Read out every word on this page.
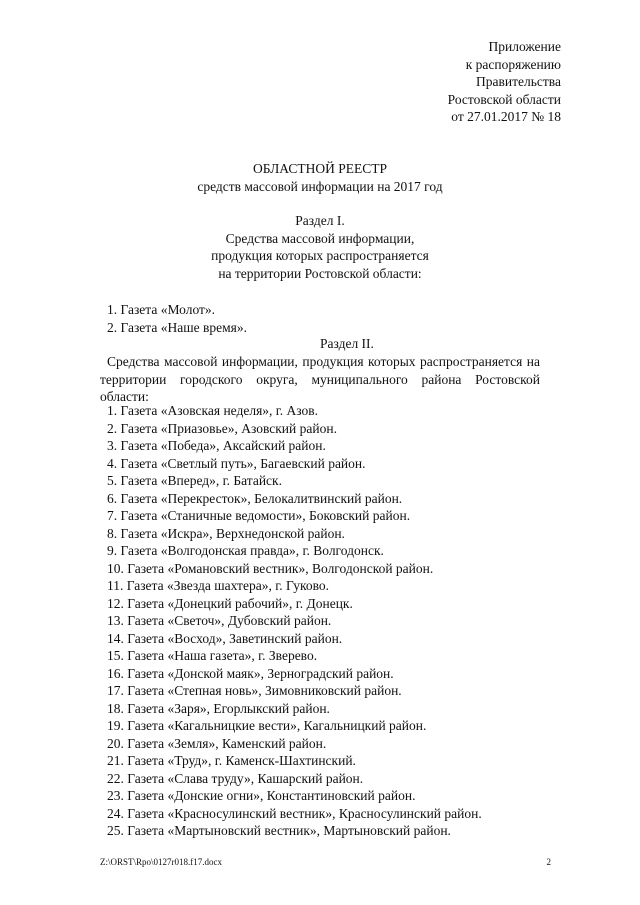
Приложение
к распоряжению
Правительства
Ростовской области
от 27.01.2017 № 18
ОБЛАСТНОЙ РЕЕСТР
средств массовой информации на 2017 год
Раздел I.
Средства массовой информации,
продукция которых распространяется
на территории Ростовской области:
1. Газета «Молот».
2. Газета «Наше время».
Раздел II.
Средства массовой информации, продукция которых распространяется на территории городского округа, муниципального района Ростовской области:
1. Газета «Азовская неделя», г. Азов.
2. Газета «Приазовье», Азовский район.
3. Газета «Победа», Аксайский район.
4. Газета «Светлый путь», Багаевский район.
5. Газета «Вперед», г. Батайск.
6. Газета «Перекресток», Белокалитвинский район.
7. Газета «Станичные ведомости», Боковский район.
8. Газета «Искра», Верхнедонской район.
9. Газета «Волгодонская правда», г. Волгодонск.
10. Газета «Романовский вестник», Волгодонской район.
11. Газета «Звезда шахтера», г. Гуково.
12. Газета «Донецкий рабочий», г. Донецк.
13. Газета «Светоч», Дубовский район.
14. Газета «Восход», Заветинский район.
15. Газета «Наша газета», г. Зверево.
16. Газета «Донской маяк», Зерноградский район.
17. Газета «Степная новь», Зимовниковский район.
18. Газета «Заря», Егорлыкский район.
19. Газета «Кагальницкие вести», Кагальницкий район.
20. Газета «Земля», Каменский район.
21. Газета «Труд», г. Каменск-Шахтинский.
22. Газета «Слава труду», Кашарский район.
23. Газета «Донские огни», Константиновский район.
24. Газета «Красносулинский вестник», Красносулинский район.
25. Газета «Мартыновский вестник», Мартыновский район.
Z:\ORST\Rpo\0127r018.f17.docx	2
